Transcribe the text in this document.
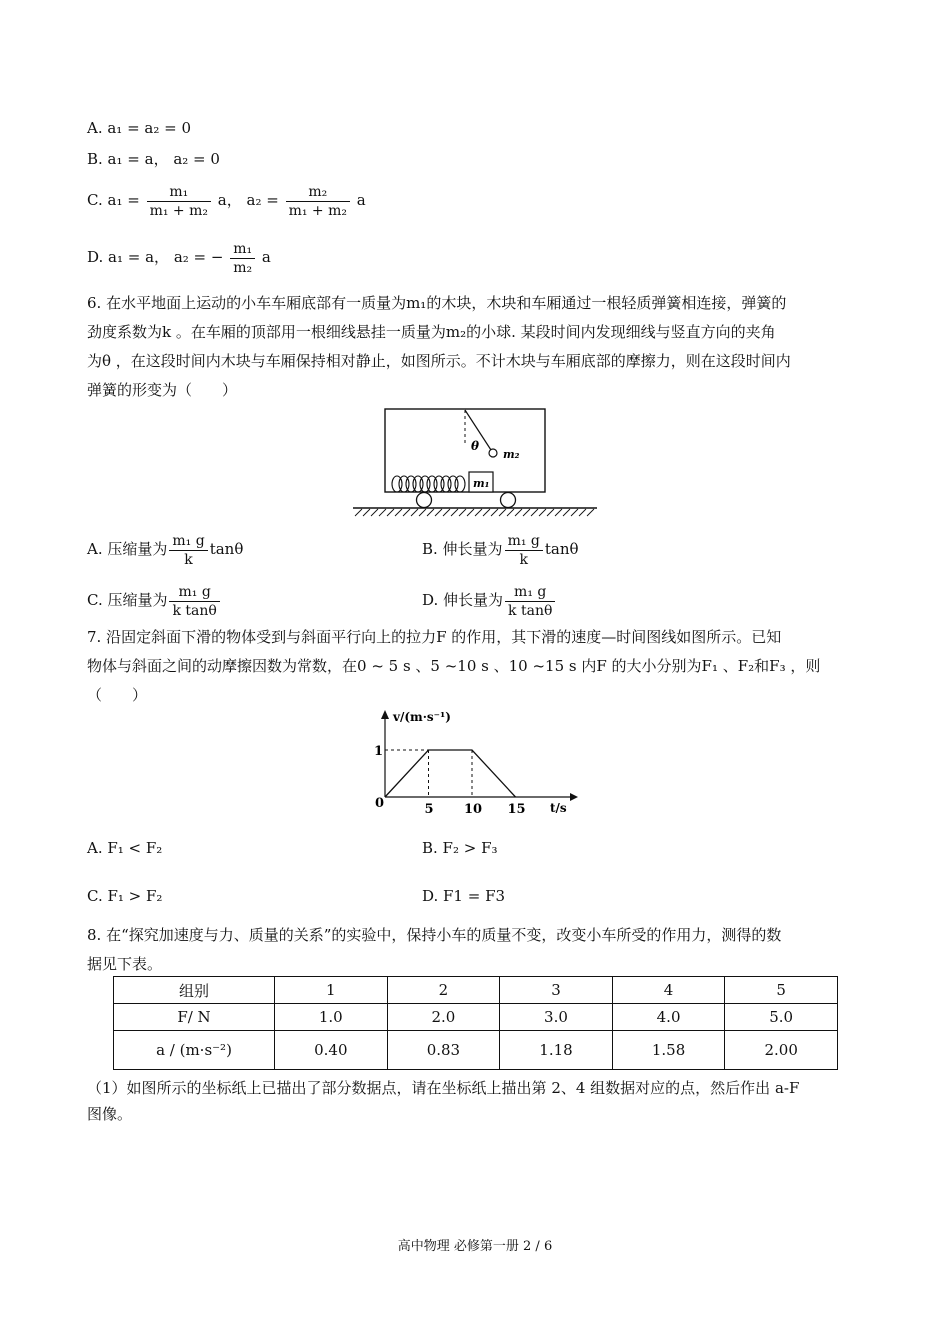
A. a₁ = a₂ = 0
B. a₁ = a， a₂ = 0
C. $a_1 = \frac{\text{m₁}}{\text{m₁ + m₂}}$ a， $a_2 = \frac{\text{m₂}}{\text{m₁ + m₂}}$ a
D. a₁ = a， a₂ = − $\frac{\text{m₁}}{\text{m₂}}$ a
6. 在水平地面上运动的小车车厢底部有一质量为m₁的木块，木块和车厢通过一根轻质弹簧相连接，弹簧的
劲度系数为k 。在车厢的顶部用一根细线悬挂一质量为m₂的小球. 某段时间内发现细线与竖直方向的夹角
为θ ，在这段时间内木块与车厢保持相对静止，如图所示。不计木块与车厢底部的摩擦力，则在这段时间内
弹簧的形变为（　　）
θ
m₂
m₁
A. 压缩量为 $\frac{\text{m₁ g}}{k}$ tanθ	B. 伸长量为 $\frac{\text{m₁ g}}{k}$ tanθ
C. 压缩量为 $\frac{\text{m₁ g}}{\text{k tanθ}}$	D. 伸长量为 $\frac{\text{m₁ g}}{\text{k tanθ}}$
7. 沿固定斜面下滑的物体受到与斜面平行向上的拉力F 的作用，其下滑的速度—时间图线如图所示。已知
物体与斜面之间的动摩擦因数为常数，在0 ~ 5 s 、5 ~10 s 、10 ~15 s 内F 的大小分别为F₁ 、F₂和F₃ ，则
（　　）
v/(m·s⁻¹)
t/s
0	5 10 15
1
A. F₁ < F₂	B. F₂ > F₃
C. F₁ > F₂	D. F1 = F3
8. 在“探究加速度与力、质量的关系”的实验中，保持小车的质量不变，改变小车所受的作用力，测得的数
据见下表。
组别	1	2	3	4	5
F/ N	1.0	2.0	3.0	4.0	5.0
a / (m·s⁻²)	0.40	0.83	1.18	1.58	2.00
（1）如图所示的坐标纸上已描出了部分数据点，请在坐标纸上描出第 2、4 组数据对应的点，然后作出 a-F
图像。
高中物理 必修第一册 2 / 6
